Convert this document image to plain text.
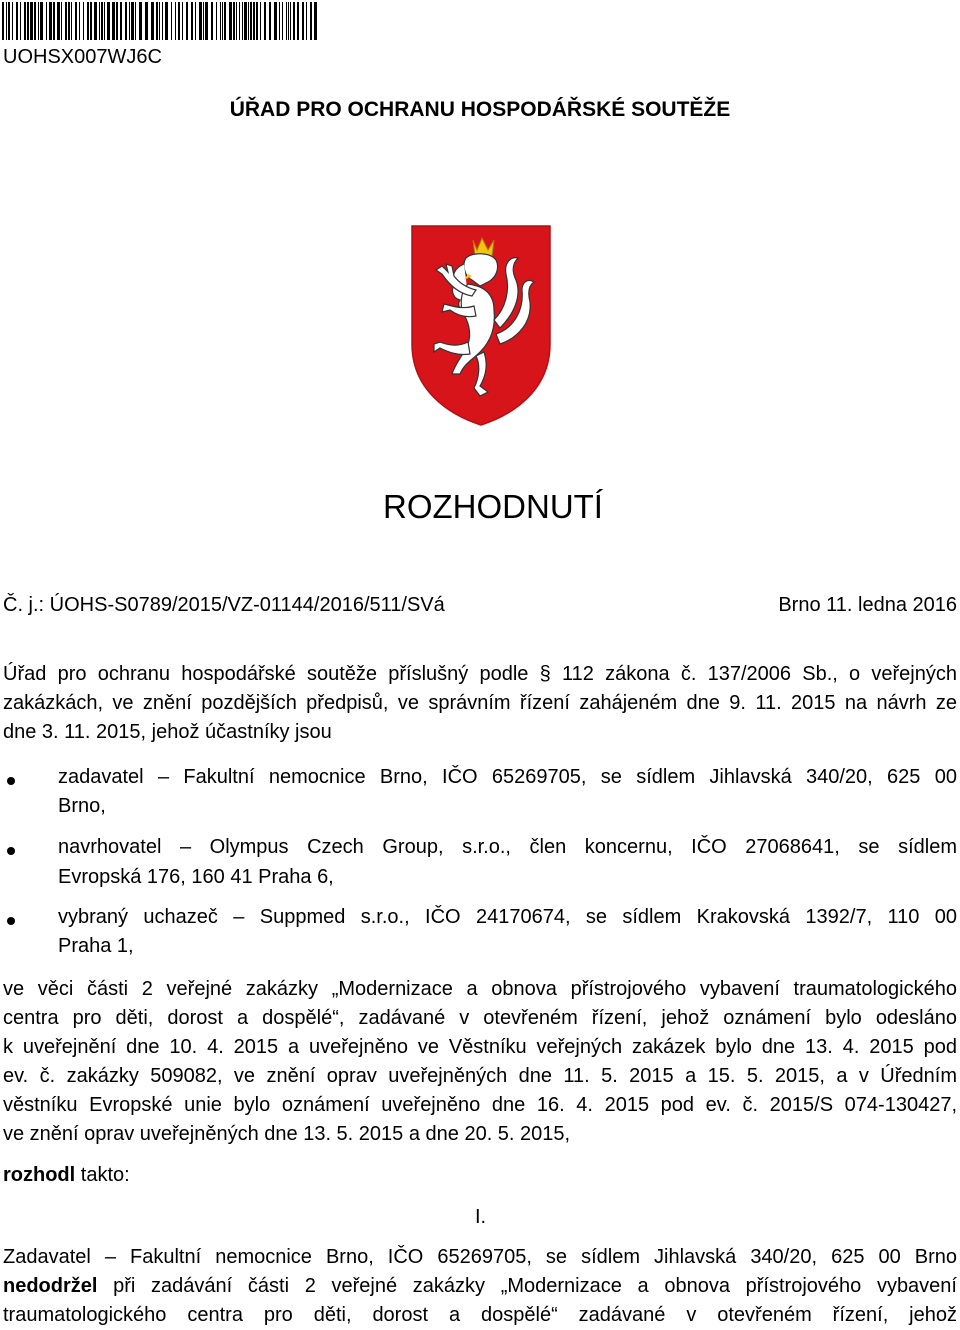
UOHSX007WJ6C
ÚŘAD PRO OCHRANU HOSPODÁŘSKÉ SOUTĚŽE
ROZHODNUTÍ
Č. j.: ÚOHS-S0789/2015/VZ-01144/2016/511/SVá	Brno 11. ledna 2016
Úřad pro ochranu hospodářské soutěže příslušný podle § 112 zákona č. 137/2006 Sb., o veřejných
zakázkách, ve znění pozdějších předpisů, ve správním řízení zahájeném dne 9. 11. 2015 na návrh ze
dne 3. 11. 2015, jehož účastníky jsou
zadavatel – Fakultní nemocnice Brno, IČO 65269705, se sídlem Jihlavská 340/20, 625 00
Brno,
navrhovatel – Olympus Czech Group, s.r.o., člen koncernu, IČO 27068641, se sídlem
Evropská 176, 160 41 Praha 6,
vybraný uchazeč – Suppmed s.r.o., IČO 24170674, se sídlem Krakovská 1392/7, 110 00
Praha 1,
ve věci části 2 veřejné zakázky „Modernizace a obnova přístrojového vybavení traumatologického
centra pro děti, dorost a dospělé“, zadávané v otevřeném řízení, jehož oznámení bylo odesláno
k uveřejnění dne 10. 4. 2015 a uveřejněno ve Věstníku veřejných zakázek bylo dne 13. 4. 2015 pod
ev. č. zakázky 509082, ve znění oprav uveřejněných dne 11. 5. 2015 a 15. 5. 2015, a v Úředním
věstníku Evropské unie bylo oznámení uveřejněno dne 16. 4. 2015 pod ev. č. 2015/S 074-130427,
ve znění oprav uveřejněných dne 13. 5. 2015 a dne 20. 5. 2015,
rozhodl takto:
I.
Zadavatel – Fakultní nemocnice Brno, IČO 65269705, se sídlem Jihlavská 340/20, 625 00 Brno
nedodržel při zadávání části 2 veřejné zakázky „Modernizace a obnova přístrojového vybavení
traumatologického centra pro děti, dorost a dospělé“ zadávané v otevřeném řízení, jehož
